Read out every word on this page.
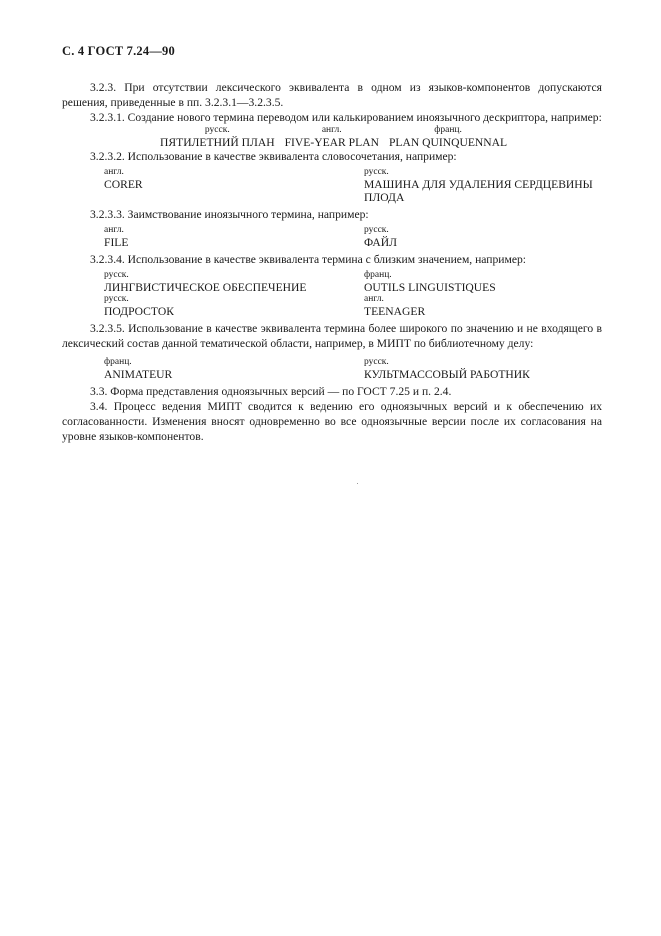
С. 4 ГОСТ 7.24—90

3.2.3. При отсутствии лексического эквивалента в одном из языков-компонентов допускаются решения, приведенные в пп. 3.2.3.1—3.2.3.5.

3.2.3.1. Создание нового термина переводом или калькированием иноязычного дескриптора, например:

русск.
ПЯТИЛЕТНИЙ ПЛАН
англ.
FIVE-YEAR PLAN
франц.
PLAN QUINQUENNAL

3.2.3.2. Использование в качестве эквивалента словосочетания, например:

англ.
CORER
русск.
МАШИНА ДЛЯ УДАЛЕНИЯ СЕРДЦЕВИНЫ ПЛОДА

3.2.3.3. Заимствование иноязычного термина, например:

англ.
FILE
русск.
ФАЙЛ

3.2.3.4. Использование в качестве эквивалента термина с близким значением, например:

русск.
ЛИНГВИСТИЧЕСКОЕ ОБЕСПЕЧЕНИЕ
франц.
OUTILS LINGUISTIQUES
русск.
ПОДРОСТОК
англ.
TEENAGER

3.2.3.5. Использование в качестве эквивалента термина более широкого по значению и не входящего в лексический состав данной тематической области, например, в МИПТ по библиотечному делу:

франц.
ANIMATEUR
русск.
КУЛЬТМАССОВЫЙ РАБОТНИК

3.3. Форма представления одноязычных версий — по ГОСТ 7.25 и п. 2.4.

3.4. Процесс ведения МИПТ сводится к ведению его одноязычных версий и к обеспечению их согласованности. Изменения вносят одновременно во все одноязычные версии после их согласования на уровне языков-компонентов.
